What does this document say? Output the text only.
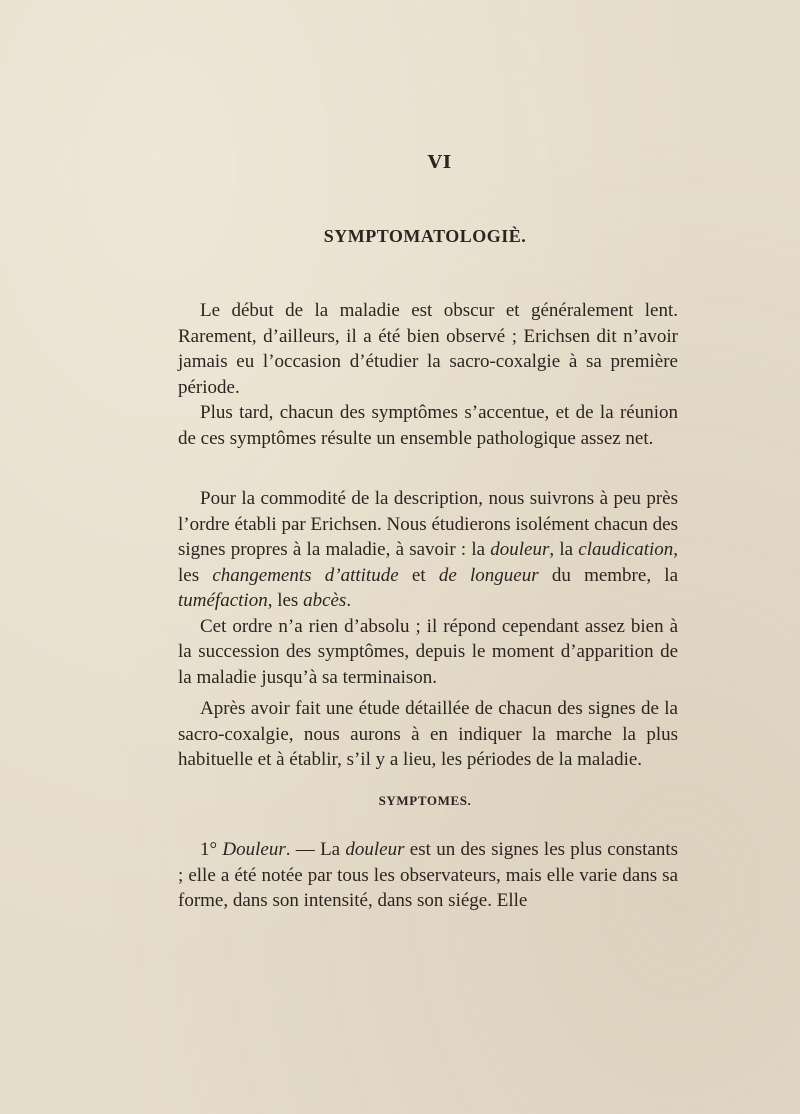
VI
SYMPTOMATOLOGIÈ.

Le début de la maladie est obscur et généralement lent. Rarement, d’ailleurs, il a été bien observé ; Erichsen dit n’avoir jamais eu l’occasion d’étudier la sacro-coxalgie à sa première période.

Plus tard, chacun des symptômes s’accentue, et de la réunion de ces symptômes résulte un ensemble pathologique assez net.

Pour la commodité de la description, nous suivrons à peu près l’ordre établi par Erichsen. Nous étudierons isolément chacun des signes propres à la maladie, à savoir : la douleur, la claudication, les changements d’attitude et de longueur du membre, la tuméfaction, les abcès.

Cet ordre n’a rien d’absolu ; il répond cependant assez bien à la succession des symptômes, depuis le moment d’apparition de la maladie jusqu’à sa terminaison.

Après avoir fait une étude détaillée de chacun des signes de la sacro-coxalgie, nous aurons à en indiquer la marche la plus habituelle et à établir, s’il y a lieu, les périodes de la maladie.

SYMPTOMES.

1° Douleur. — La douleur est un des signes les plus constants ; elle a été notée par tous les observateurs, mais elle varie dans sa forme, dans son intensité, dans son siége. Elle
